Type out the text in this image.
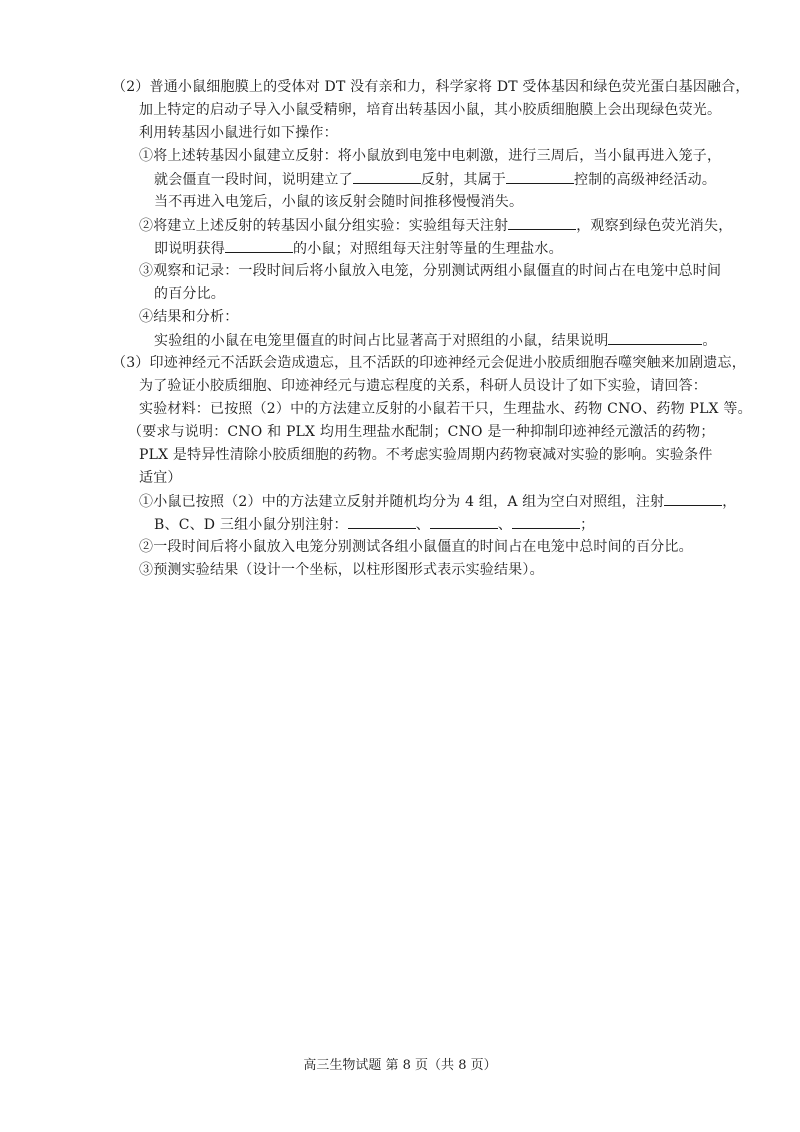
（2）普通小鼠细胞膜上的受体对 DT 没有亲和力，科学家将 DT 受体基因和绿色荧光蛋白基因融合，
加上特定的启动子导入小鼠受精卵，培育出转基因小鼠，其小胶质细胞膜上会出现绿色荧光。
利用转基因小鼠进行如下操作：
①将上述转基因小鼠建立反射：将小鼠放到电笼中电刺激，进行三周后，当小鼠再进入笼子，
就会僵直一段时间，说明建立了	反射，其属于	控制的高级神经活动。
当不再进入电笼后，小鼠的该反射会随时间推移慢慢消失。
②将建立上述反射的转基因小鼠分组实验：实验组每天注射	，观察到绿色荧光消失，
即说明获得	的小鼠；对照组每天注射等量的生理盐水。
③观察和记录：一段时间后将小鼠放入电笼，分别测试两组小鼠僵直的时间占在电笼中总时间
的百分比。
④结果和分析：
实验组的小鼠在电笼里僵直的时间占比显著高于对照组的小鼠，结果说明	。
（3）印迹神经元不活跃会造成遗忘，且不活跃的印迹神经元会促进小胶质细胞吞噬突触来加剧遗忘，
为了验证小胶质细胞、印迹神经元与遗忘程度的关系，科研人员设计了如下实验，请回答：
实验材料：已按照（2）中的方法建立反射的小鼠若干只，生理盐水、药物 CNO、药物 PLX 等。
（要求与说明：CNO 和 PLX 均用生理盐水配制；CNO 是一种抑制印迹神经元激活的药物；
PLX 是特异性清除小胶质细胞的药物。不考虑实验周期内药物衰减对实验的影响。实验条件
适宜）
①小鼠已按照（2）中的方法建立反射并随机均分为 4 组，A 组为空白对照组，注射	，
B、C、D 三组小鼠分别注射：	、	、	；
②一段时间后将小鼠放入电笼分别测试各组小鼠僵直的时间占在电笼中总时间的百分比。
③预测实验结果（设计一个坐标，以柱形图形式表示实验结果）。
高三生物试题 第 8 页（共 8 页）
